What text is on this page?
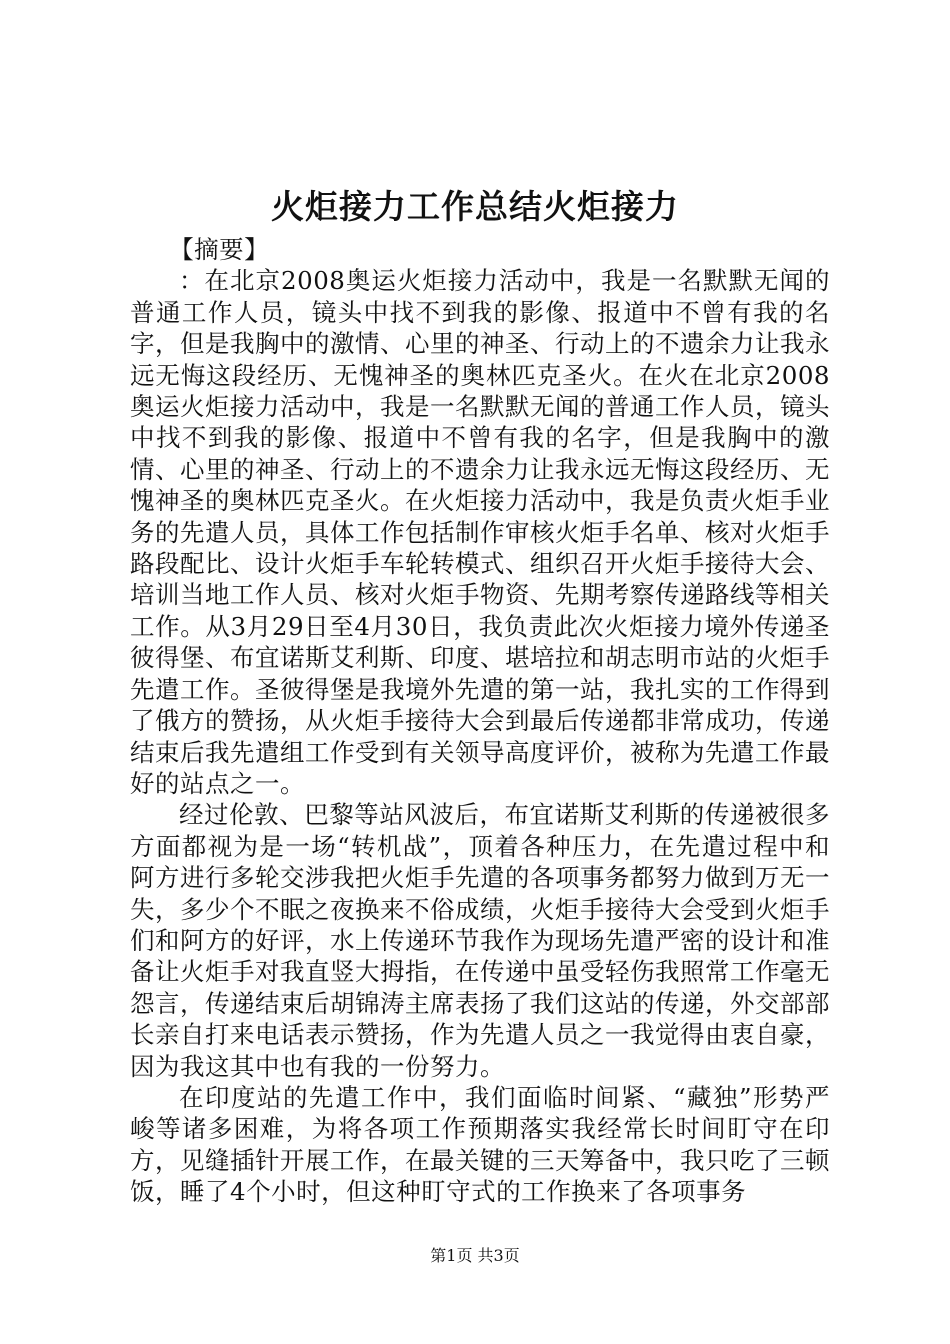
火炬接力工作总结火炬接力

【摘要】

：在北京2008奥运火炬接力活动中，我是一名默默无闻的普通工作人员，镜头中找不到我的影像、报道中不曾有我的名字，但是我胸中的激情、心里的神圣、行动上的不遗余力让我永远无悔这段经历、无愧神圣的奥林匹克圣火。在火在北京2008奥运火炬接力活动中，我是一名默默无闻的普通工作人员，镜头中找不到我的影像、报道中不曾有我的名字，但是我胸中的激情、心里的神圣、行动上的不遗余力让我永远无悔这段经历、无愧神圣的奥林匹克圣火。在火炬接力活动中，我是负责火炬手业务的先遣人员，具体工作包括制作审核火炬手名单、核对火炬手路段配比、设计火炬手车轮转模式、组织召开火炬手接待大会、培训当地工作人员、核对火炬手物资、先期考察传递路线等相关工作。从3月29日至4月30日，我负责此次火炬接力境外传递圣彼得堡、布宜诺斯艾利斯、印度、堪培拉和胡志明市站的火炬手先遣工作。圣彼得堡是我境外先遣的第一站，我扎实的工作得到了俄方的赞扬，从火炬手接待大会到最后传递都非常成功，传递结束后我先遣组工作受到有关领导高度评价，被称为先遣工作最好的站点之一。

经过伦敦、巴黎等站风波后，布宜诺斯艾利斯的传递被很多方面都视为是一场“转机战”，顶着各种压力，在先遣过程中和阿方进行多轮交涉我把火炬手先遣的各项事务都努力做到万无一失，多少个不眠之夜换来不俗成绩，火炬手接待大会受到火炬手们和阿方的好评，水上传递环节我作为现场先遣严密的设计和准备让火炬手对我直竖大拇指，在传递中虽受轻伤我照常工作毫无怨言，传递结束后胡锦涛主席表扬了我们这站的传递，外交部部长亲自打来电话表示赞扬，作为先遣人员之一我觉得由衷自豪，因为我这其中也有我的一份努力。

在印度站的先遣工作中，我们面临时间紧、“藏独”形势严峻等诸多困难，为将各项工作预期落实我经常长时间盯守在印方，见缝插针开展工作，在最关键的三天筹备中，我只吃了三顿饭，睡了4个小时，但这种盯守式的工作换来了各项事务

第1页 共3页
